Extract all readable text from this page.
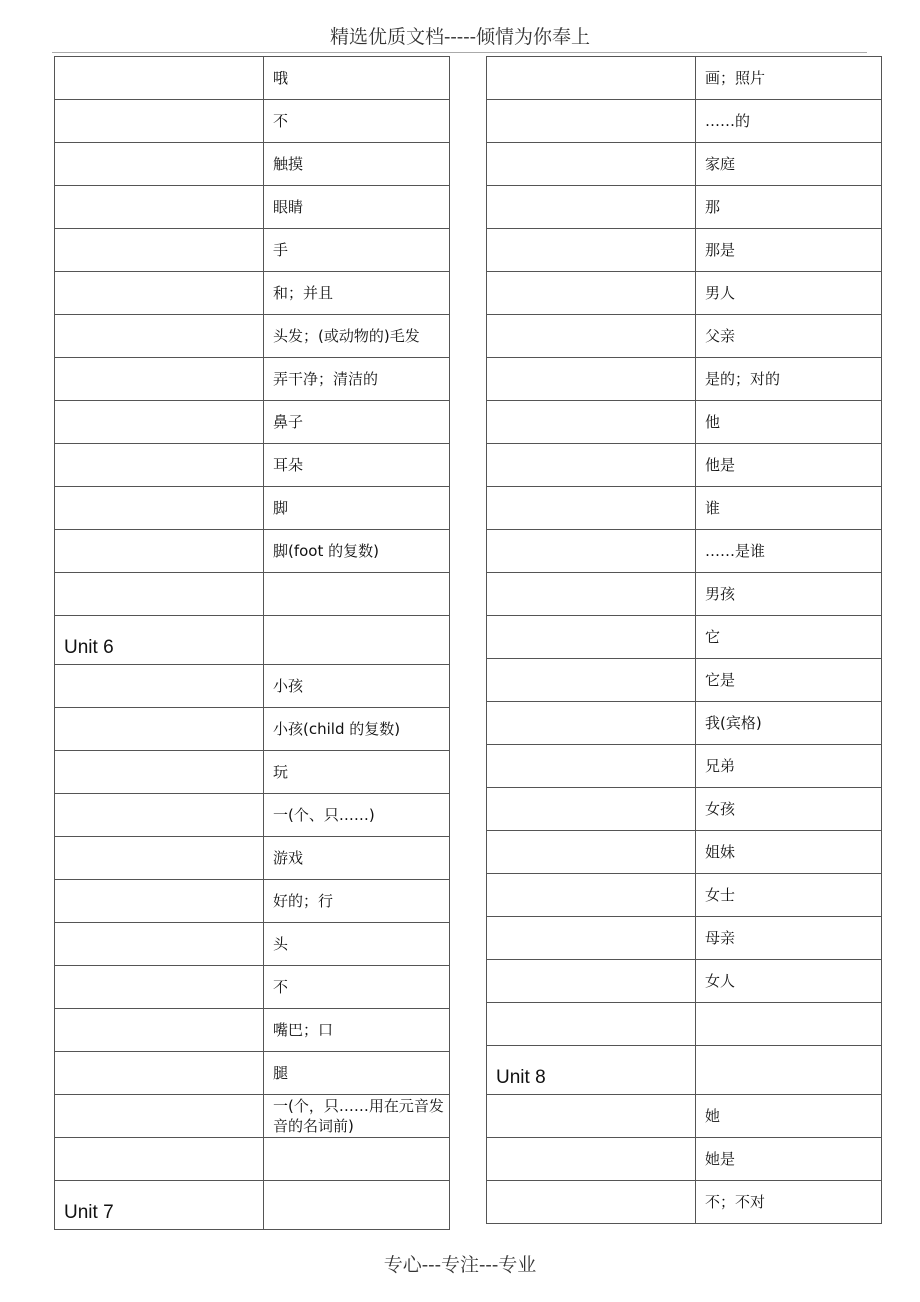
精选优质文档-----倾情为你奉上
	哦
	不
	触摸
	眼睛
	手
	和；并且
	头发；(或动物的)毛发
	弄干净；清洁的
	鼻子
	耳朵
	脚
	脚(foot 的复数)

Unit 6	
	小孩
	小孩(child 的复数)
	玩
	一(个、只……)
	游戏
	好的；行
	头
	不
	嘴巴；口
	腿
	一(个，只……用在元音发音的名词前)

Unit 7	
	画；照片
	……的
	家庭
	那
	那是
	男人
	父亲
	是的；对的
	他
	他是
	谁
	……是谁
	男孩
	它
	它是
	我(宾格)
	兄弟
	女孩
	姐妹
	女士
	母亲
	女人

Unit 8	
	她
	她是
	不；不对
专心---专注---专业
